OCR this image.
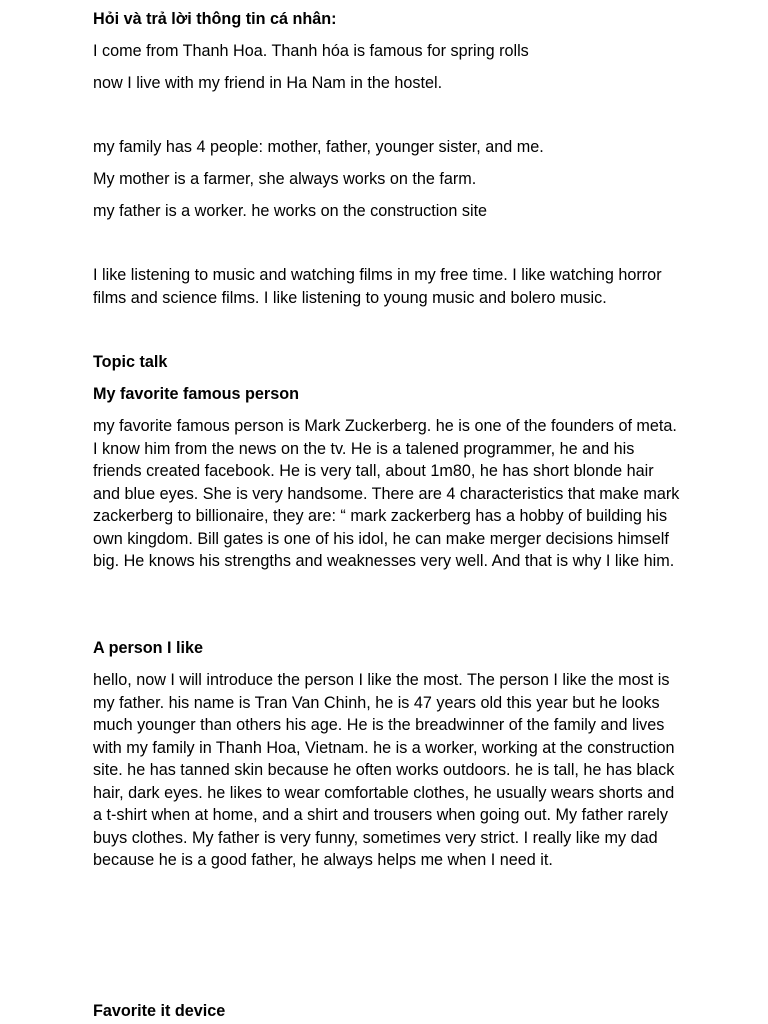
Hỏi và trả lời thông tin cá nhân:

I come from Thanh Hoa. Thanh hóa is famous for spring rolls

now I live with my friend in Ha Nam in the hostel.

my family has 4 people: mother, father, younger sister, and me.

My mother is a farmer, she always works on the farm.

my father is a worker. he works on the construction site

I like listening to music and watching films in my free time. I like watching horror films and science films. I like listening to young music and bolero music.

Topic talk

My favorite famous person

my favorite famous person is Mark Zuckerberg. he is one of the founders of meta. I know him from the news on the tv. He is a talened programmer, he and his friends created facebook. He is very tall, about 1m80, he has short blonde hair and blue eyes. She is very handsome. There are 4 characteristics that make mark zackerberg to billionaire, they are: “ mark zackerberg has a hobby of building his own kingdom. Bill gates is one of his idol, he can make merger decisions himself big. He knows his strengths and weaknesses very well. And that is why I like him.

A person I like

hello, now I will introduce the person I like the most. The person I like the most is my father. his name is Tran Van Chinh, he is 47 years old this year but he looks much younger than others his age. He is the breadwinner of the family and lives with my family in Thanh Hoa, Vietnam. he is a worker, working at the construction site. he has tanned skin because he often works outdoors. he is tall, he has black hair, dark eyes. he likes to wear comfortable clothes, he usually wears shorts and a t-shirt when at home, and a shirt and trousers when going out. My father rarely buys clothes. My father is very funny, sometimes very strict. I really like my dad because he is a good father, he always helps me when I need it.

Favorite it device
